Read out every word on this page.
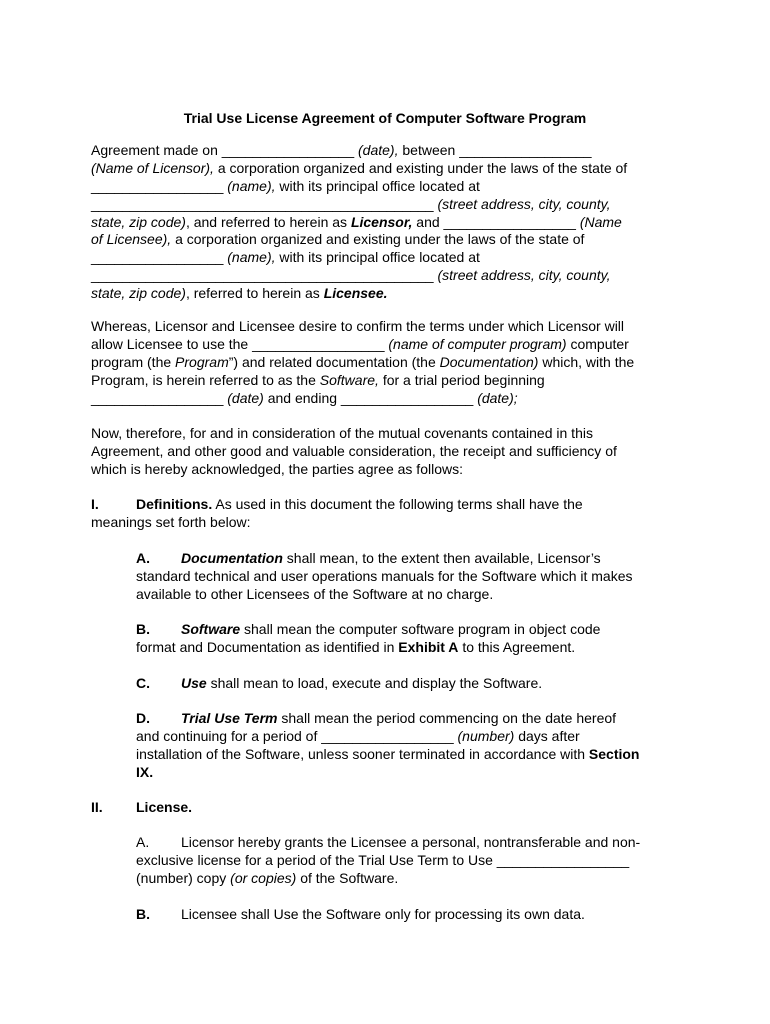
Trial Use License Agreement of Computer Software Program
Agreement made on _________________ (date), between _________________
(Name of Licensor), a corporation organized and existing under the laws of the state of
_________________ (name), with its principal office located at
____________________________________________ (street address, city, county,
state, zip code), and referred to herein as Licensor, and _________________ (Name
of Licensee), a corporation organized and existing under the laws of the state of
_________________ (name), with its principal office located at
____________________________________________ (street address, city, county,
state, zip code), referred to herein as Licensee.
Whereas, Licensor and Licensee desire to confirm the terms under which Licensor will
allow Licensee to use the _________________ (name of computer program) computer
program (the Program”) and related documentation (the Documentation) which, with the
Program, is herein referred to as the Software, for a trial period beginning
_________________ (date) and ending _________________ (date);
Now, therefore, for and in consideration of the mutual covenants contained in this
Agreement, and other good and valuable consideration, the receipt and sufficiency of
which is hereby acknowledged, the parties agree as follows:
I.	Definitions. As used in this document the following terms shall have the
meanings set forth below:
A. Documentation shall mean, to the extent then available, Licensor’s
standard technical and user operations manuals for the Software which it makes
available to other Licensees of the Software at no charge.
B. Software shall mean the computer software program in object code
format and Documentation as identified in Exhibit A to this Agreement.
C. Use shall mean to load, execute and display the Software.
D. Trial Use Term shall mean the period commencing on the date hereof
and continuing for a period of _________________ (number) days after
installation of the Software, unless sooner terminated in accordance with Section
IX.
II. License.
A. Licensor hereby grants the Licensee a personal, nontransferable and non-
exclusive license for a period of the Trial Use Term to Use _________________
(number) copy (or copies) of the Software.
B. Licensee shall Use the Software only for processing its own data.
